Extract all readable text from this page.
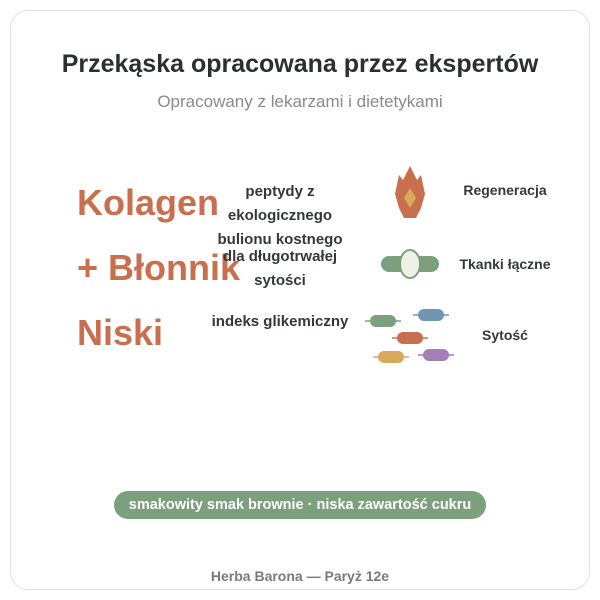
Przekąska opracowana przez ekspertów

Opracowany z lekarzami i dietetykami

Kolagen
+ Błonnik
Niski
peptydy z
ekologicznego
bulionu kostnego
dla długotrwałej
sytości
indeks glikemiczny
Regeneracja
Tkanki łączne
Sytość
smakowity smak brownie · niska zawartość cukru
Herba Barona — Paryż 12e
